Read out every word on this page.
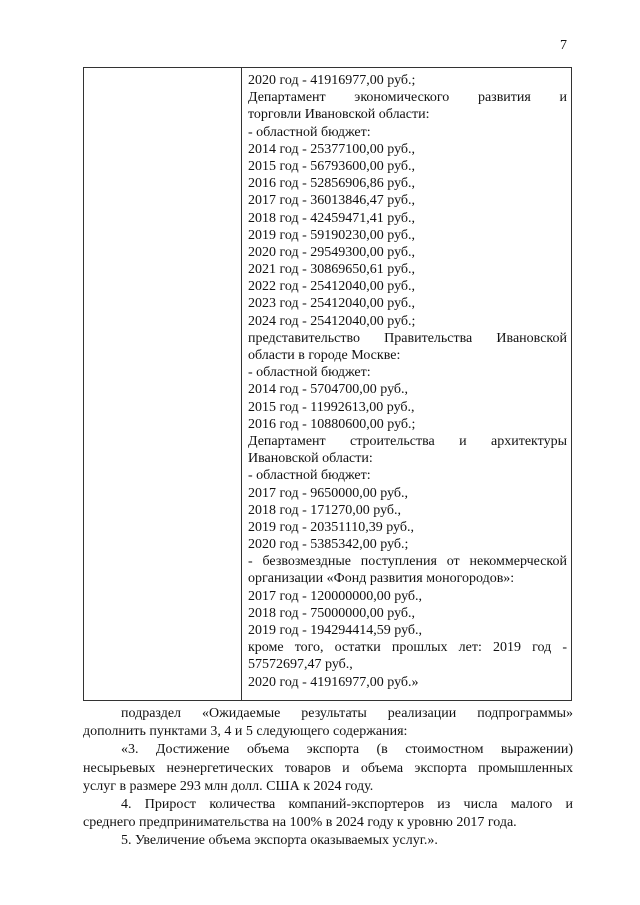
7
2020 год - 41916977,00 руб.;
Департамент экономического развития и
торговли Ивановской области:
- областной бюджет:
2014 год - 25377100,00 руб.,
2015 год - 56793600,00 руб.,
2016 год - 52856906,86 руб.,
2017 год - 36013846,47 руб.,
2018 год - 42459471,41 руб.,
2019 год - 59190230,00 руб.,
2020 год - 29549300,00 руб.,
2021 год - 30869650,61 руб.,
2022 год - 25412040,00 руб.,
2023 год - 25412040,00 руб.,
2024 год - 25412040,00 руб.;
представительство Правительства Ивановской
области в городе Москве:
- областной бюджет:
2014 год - 5704700,00 руб.,
2015 год - 11992613,00 руб.,
2016 год - 10880600,00 руб.;
Департамент строительства и архитектуры
Ивановской области:
- областной бюджет:
2017 год - 9650000,00 руб.,
2018 год - 171270,00 руб.,
2019 год - 20351110,39 руб.,
2020 год - 5385342,00 руб.;
- безвозмездные поступления от некоммерческой
организации «Фонд развития моногородов»:
2017 год - 120000000,00 руб.,
2018 год - 75000000,00 руб.,
2019 год - 194294414,59 руб.,
кроме того, остатки прошлых лет: 2019 год -
57572697,47 руб.,
2020 год - 41916977,00 руб.»

подраздел «Ожидаемые результаты реализации подпрограммы»
дополнить пунктами 3, 4 и 5 следующего содержания:

«3. Достижение объема экспорта (в стоимостном выражении)
несырьевых неэнергетических товаров и объема экспорта промышленных
услуг в размере 293 млн долл. США к 2024 году.

4. Прирост количества компаний-экспортеров из числа малого и
среднего предпринимательства на 100% в 2024 году к уровню 2017 года.

5. Увеличение объема экспорта оказываемых услуг.».
